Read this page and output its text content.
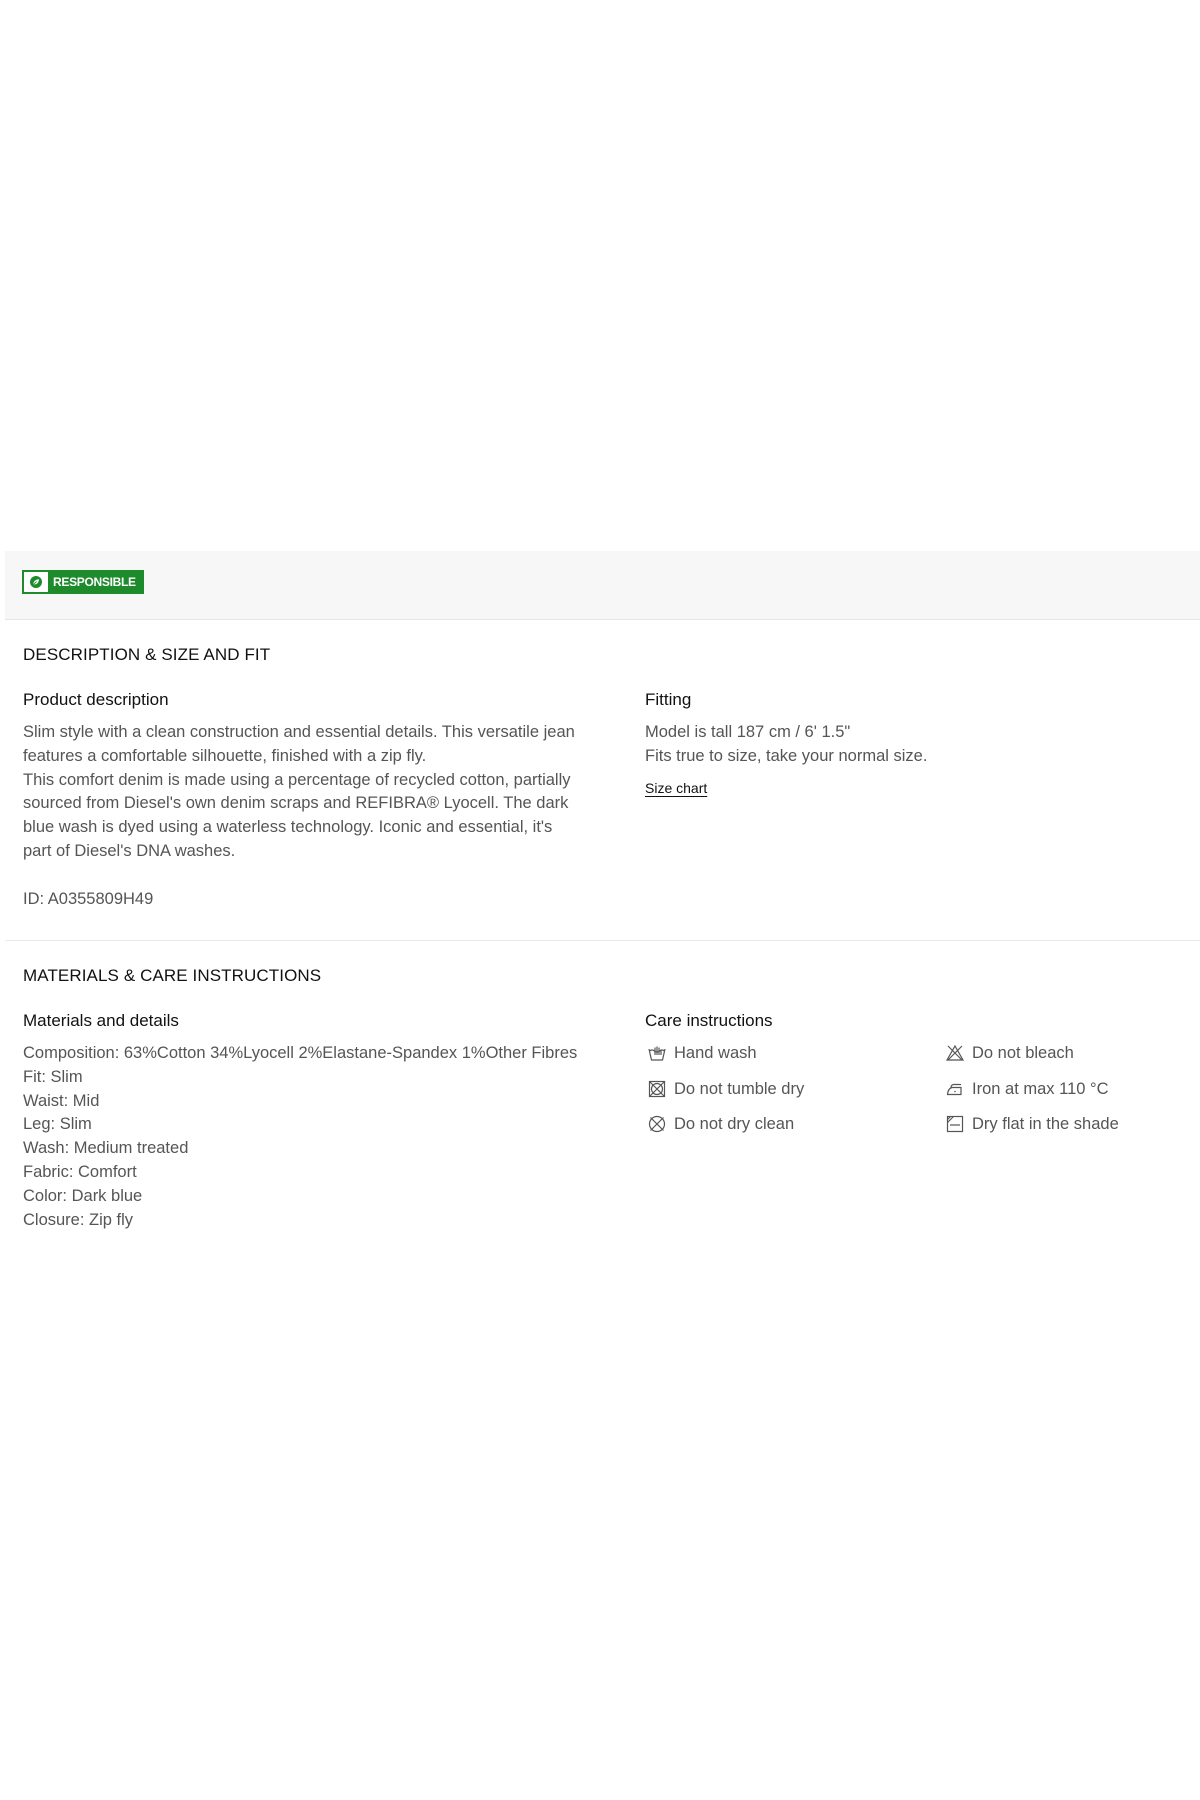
RESPONSIBLE
DESCRIPTION & SIZE AND FIT
Product description

Slim style with a clean construction and essential details. This versatile jean
features a comfortable silhouette, finished with a zip fly.
This comfort denim is made using a percentage of recycled cotton, partially
sourced from Diesel's own denim scraps and REFIBRA® Lyocell. The dark
blue wash is dyed using a waterless technology. Iconic and essential, it's
part of Diesel's DNA washes.

ID: A0355809H49

Fitting

Model is tall 187 cm / 6' 1.5"
Fits true to size, take your normal size.

Size chart
MATERIALS & CARE INSTRUCTIONS
Materials and details

Composition: 63%Cotton 34%Lyocell 2%Elastane-Spandex 1%Other Fibres
Fit: Slim
Waist: Mid
Leg: Slim
Wash: Medium treated
Fabric: Comfort
Color: Dark blue
Closure: Zip fly

Care instructions
Hand wash	Do not bleach
Do not tumble dry	Iron at max 110 °C
Do not dry clean	Dry flat in the shade
